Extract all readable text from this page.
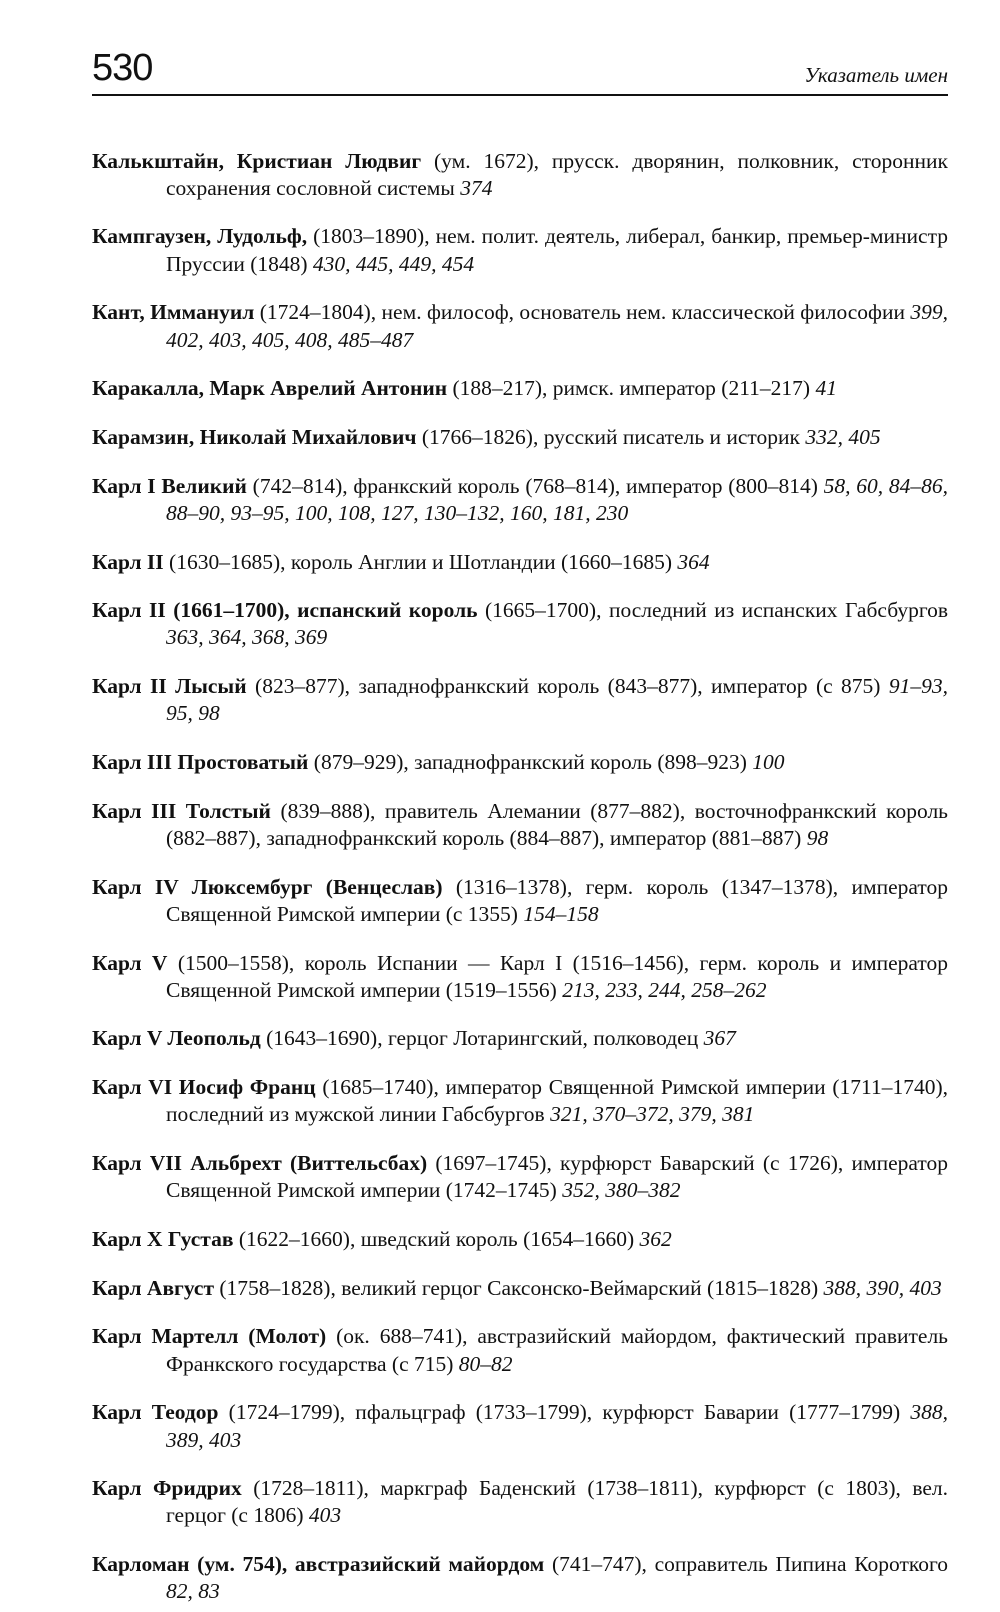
530	Указатель имен

Калькштайн, Кристиан Людвиг (ум. 1672), прусск. дворянин, полковник, сторонник сохранения сословной системы 374

Кампгаузен, Лудольф, (1803–1890), нем. полит. деятель, либерал, банкир, премьер-министр Пруссии (1848) 430, 445, 449, 454

Кант, Иммануил (1724–1804), нем. философ, основатель нем. классической философии 399, 402, 403, 405, 408, 485–487

Каракалла, Марк Аврелий Антонин (188–217), римск. император (211–217) 41

Карамзин, Николай Михайлович (1766–1826), русский писатель и историк 332, 405

Карл I Великий (742–814), франкский король (768–814), император (800–814) 58, 60, 84–86, 88–90, 93–95, 100, 108, 127, 130–132, 160, 181, 230

Карл II (1630–1685), король Англии и Шотландии (1660–1685) 364

Карл II (1661–1700), испанский король (1665–1700), последний из испанских Габсбургов 363, 364, 368, 369

Карл II Лысый (823–877), западнофранкский король (843–877), император (с 875) 91–93, 95, 98

Карл III Простоватый (879–929), западнофранкский король (898–923) 100

Карл III Толстый (839–888), правитель Алемании (877–882), восточнофранкский король (882–887), западнофранкский король (884–887), император (881–887) 98

Карл IV Люксембург (Венцеслав) (1316–1378), герм. король (1347–1378), император Священной Римской империи (с 1355) 154–158

Карл V (1500–1558), король Испании — Карл I (1516–1456), герм. король и император Священной Римской империи (1519–1556) 213, 233, 244, 258–262

Карл V Леопольд (1643–1690), герцог Лотарингский, полководец 367

Карл VI Иосиф Франц (1685–1740), император Священной Римской империи (1711–1740), последний из мужской линии Габсбургов 321, 370–372, 379, 381

Карл VII Альбрехт (Виттельсбах) (1697–1745), курфюрст Баварский (с 1726), император Священной Римской империи (1742–1745) 352, 380–382

Карл X Густав (1622–1660), шведский король (1654–1660) 362

Карл Август (1758–1828), великий герцог Саксонско-Веймарский (1815–1828) 388, 390, 403

Карл Мартелл (Молот) (ок. 688–741), австразийский майордом, фактический правитель Франкского государства (с 715) 80–82

Карл Теодор (1724–1799), пфальцграф (1733–1799), курфюрст Баварии (1777–1799) 388, 389, 403

Карл Фридрих (1728–1811), маркграф Баденский (1738–1811), курфюрст (с 1803), вел. герцог (с 1806) 403

Карломан (ум. 754), австразийский майордом (741–747), соправитель Пипина Короткого 82, 83
